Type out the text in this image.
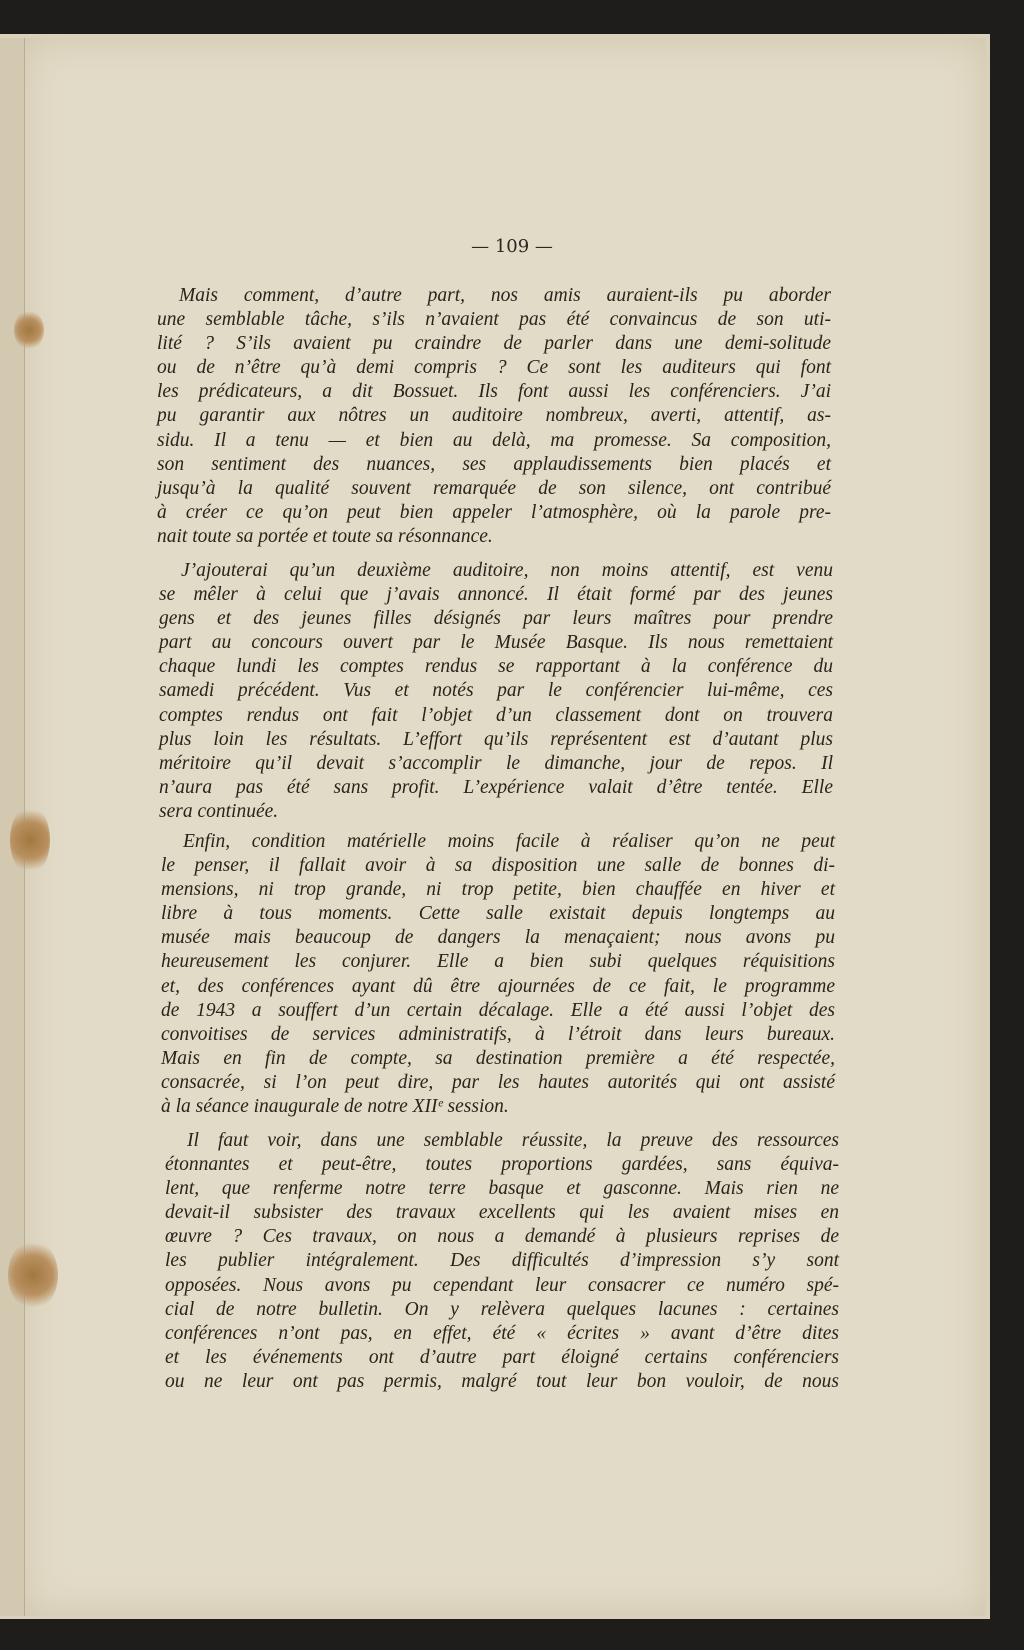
— 109 —
Mais comment, d’autre part, nos amis auraient-ils pu aborder
une semblable tâche, s’ils n’avaient pas été convaincus de son uti-
lité ? S’ils avaient pu craindre de parler dans une demi-solitude
ou de n’être qu’à demi compris ? Ce sont les auditeurs qui font
les prédicateurs, a dit Bossuet. Ils font aussi les conférenciers. J’ai
pu garantir aux nôtres un auditoire nombreux, averti, attentif, as-
sidu. Il a tenu — et bien au delà, ma promesse. Sa composition,
son sentiment des nuances, ses applaudissements bien placés et
jusqu’à la qualité souvent remarquée de son silence, ont contribué
à créer ce qu’on peut bien appeler l’atmosphère, où la parole pre-
nait toute sa portée et toute sa résonnance.
J’ajouterai qu’un deuxième auditoire, non moins attentif, est venu
se mêler à celui que j’avais annoncé. Il était formé par des jeunes
gens et des jeunes filles désignés par leurs maîtres pour prendre
part au concours ouvert par le Musée Basque. Ils nous remettaient
chaque lundi les comptes rendus se rapportant à la conférence du
samedi précédent. Vus et notés par le conférencier lui-même, ces
comptes rendus ont fait l’objet d’un classement dont on trouvera
plus loin les résultats. L’effort qu’ils représentent est d’autant plus
méritoire qu’il devait s’accomplir le dimanche, jour de repos. Il
n’aura pas été sans profit. L’expérience valait d’être tentée. Elle
sera continuée.
Enfin, condition matérielle moins facile à réaliser qu’on ne peut
le penser, il fallait avoir à sa disposition une salle de bonnes di-
mensions, ni trop grande, ni trop petite, bien chauffée en hiver et
libre à tous moments. Cette salle existait depuis longtemps au
musée mais beaucoup de dangers la menaçaient; nous avons pu
heureusement les conjurer. Elle a bien subi quelques réquisitions
et, des conférences ayant dû être ajournées de ce fait, le programme
de 1943 a souffert d’un certain décalage. Elle a été aussi l’objet des
convoitises de services administratifs, à l’étroit dans leurs bureaux.
Mais en fin de compte, sa destination première a été respectée,
consacrée, si l’on peut dire, par les hautes autorités qui ont assisté
à la séance inaugurale de notre XIIᵉ session.
Il faut voir, dans une semblable réussite, la preuve des ressources
étonnantes et peut-être, toutes proportions gardées, sans équiva-
lent, que renferme notre terre basque et gasconne. Mais rien ne
devait-il subsister des travaux excellents qui les avaient mises en
œuvre ? Ces travaux, on nous a demandé à plusieurs reprises de
les publier intégralement. Des difficultés d’impression s’y sont
opposées. Nous avons pu cependant leur consacrer ce numéro spé-
cial de notre bulletin. On y relèvera quelques lacunes : certaines
conférences n’ont pas, en effet, été « écrites » avant d’être dites
et les événements ont d’autre part éloigné certains conférenciers
ou ne leur ont pas permis, malgré tout leur bon vouloir, de nous
